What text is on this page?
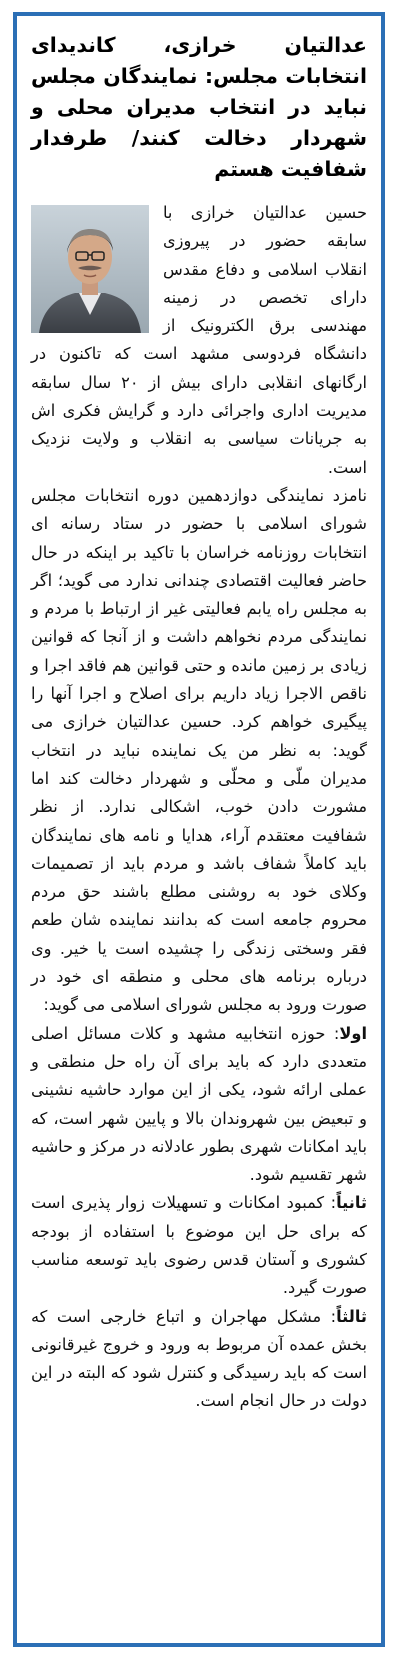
عدالتیان خرازی، کاندیدای انتخابات مجلس: نمایندگان مجلس نباید در انتخاب مدیران محلی و شهردار دخالت کنند/ طرفدار شفافیت هستم

حسین عدالتیان خرازی با سابقه حضور در پیروزی انقلاب اسلامی و دفاع مقدس دارای تخصص در زمینه مهندسی برق الکترونیک از دانشگاه فردوسی مشهد است که تاکنون در ارگانهای انقلابی دارای بیش از ۲۰ سال سابقه مدیریت اداری واجرائی دارد و گرایش فکری اش به جریانات سیاسی به انقلاب و ولایت نزدیک است.

نامزد نمایندگی دوازدهمین دوره انتخابات مجلس شورای اسلامی با حضور در ستاد رسانه ای انتخابات روزنامه خراسان با تاکید بر اینکه در حال حاضر فعالیت اقتصادی چندانی ندارد می گوید؛ اگر به مجلس راه یابم فعالیتی غیر از ارتباط با مردم و نمایندگی مردم نخواهم داشت و از آنجا که قوانین زیادی بر زمین مانده و حتی قوانین هم فاقد اجرا و ناقص الاجرا زیاد داریم برای اصلاح و اجرا آنها را پیگیری خواهم کرد. حسین عدالتیان خرازی می گوید: به نظر من یک نماینده نباید در انتخاب مدیران ملّی و محلّی و شهردار دخالت کند اما مشورت دادن خوب، اشکالی ندارد. از نظر شفافیت معتقدم آراء، هدایا و نامه های نمایندگان باید کاملاً شفاف باشد و مردم باید از تصمیمات وکلای خود به روشنی مطلع باشند حق مردم محروم جامعه است که بدانند نماینده شان طعم فقر وسختی زندگی را چشیده است یا خیر. وی درباره برنامه های محلی و منطقه ای خود در صورت ورود به مجلس شورای اسلامی می گوید:

اولا: حوزه انتخابیه مشهد و کلات مسائل اصلی متعددی دارد که باید برای آن راه حل منطقی و عملی ارائه شود، یکی از این موارد حاشیه نشینی و تبعیض بین شهروندان بالا و پایین شهر است، که باید امکانات شهری بطور عادلانه در مرکز و حاشیه شهر تقسیم شود.

ثانیاً: کمبود امکانات و تسهیلات زوار پذیری است که برای حل این موضوع با استفاده از بودجه کشوری و آستان قدس رضوی باید توسعه مناسب صورت گیرد.

ثالثاً: مشکل مهاجران و اتباع خارجی است که بخش عمده آن مربوط به ورود و خروج غیرقانونی است که باید رسیدگی و کنترل شود که البته در این دولت در حال انجام است.
